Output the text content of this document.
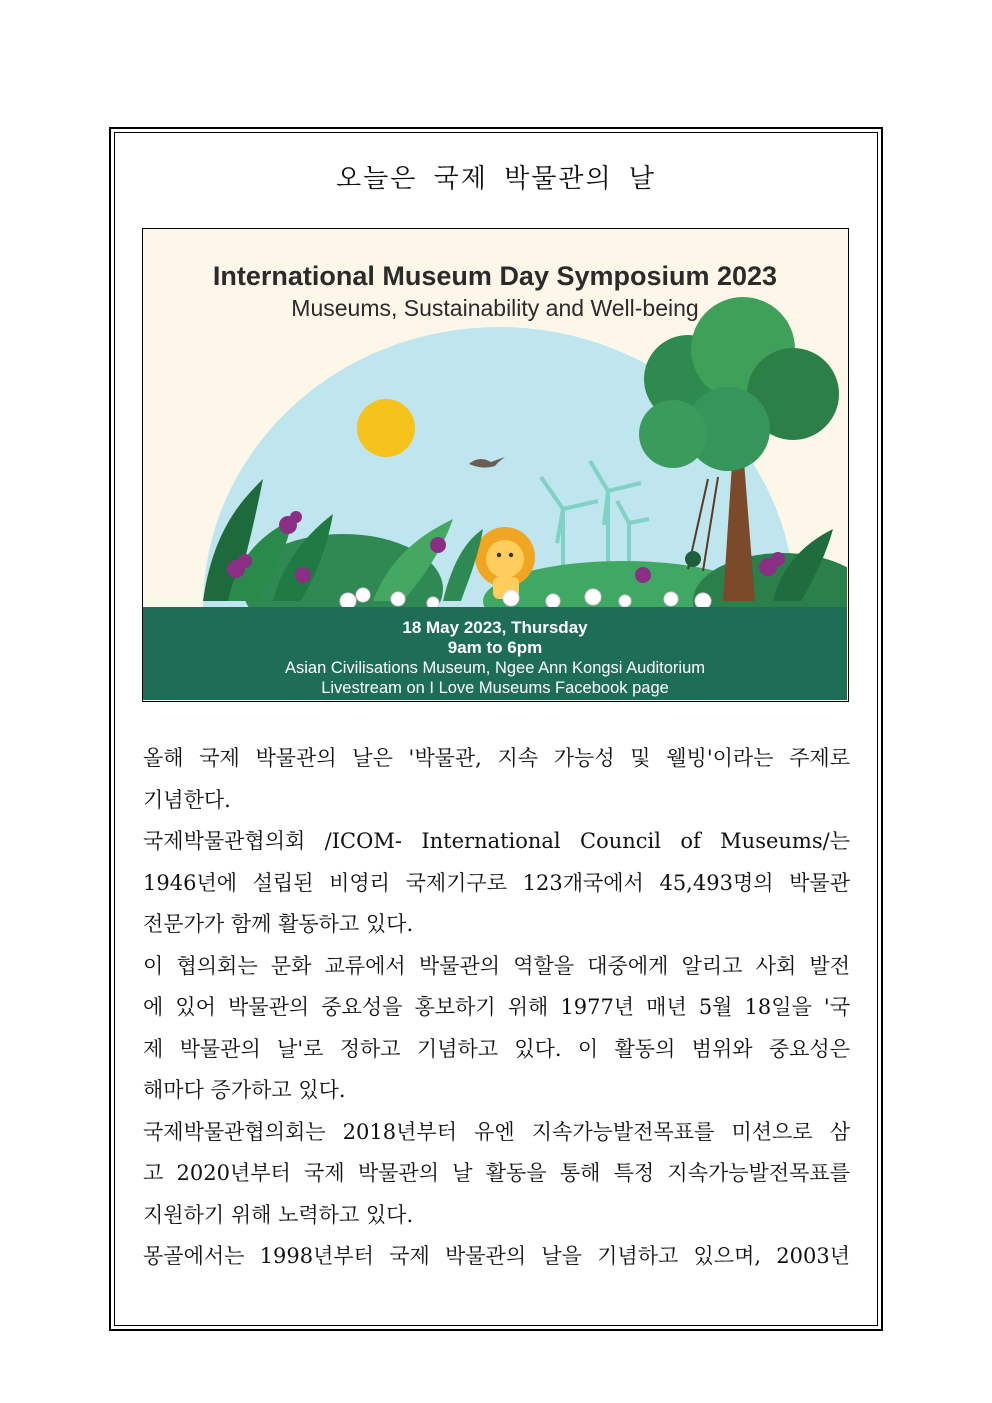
오늘은 국제 박물관의 날
International Museum Day Symposium 2023
Museums, Sustainability and Well-being
18 May 2023, Thursday
9am to 6pm
Asian Civilisations Museum, Ngee Ann Kongsi Auditorium
Livestream on I Love Museums Facebook page

올해 국제 박물관의 날은 '박물관, 지속 가능성 및 웰빙'이라는 주제로

기념한다.

국제박물관협의회 /ICOM- International Council of Museums/는

1946년에 설립된 비영리 국제기구로 123개국에서 45,493명의 박물관

전문가가 함께 활동하고 있다.

이 협의회는 문화 교류에서 박물관의 역할을 대중에게 알리고 사회 발전

에 있어 박물관의 중요성을 홍보하기 위해 1977년 매년 5월 18일을 '국

제 박물관의 날'로 정하고 기념하고 있다. 이 활동의 범위와 중요성은

해마다 증가하고 있다.

국제박물관협의회는 2018년부터 유엔 지속가능발전목표를 미션으로 삼

고 2020년부터 국제 박물관의 날 활동을 통해 특정 지속가능발전목표를

지원하기 위해 노력하고 있다.

몽골에서는 1998년부터 국제 박물관의 날을 기념하고 있으며, 2003년
